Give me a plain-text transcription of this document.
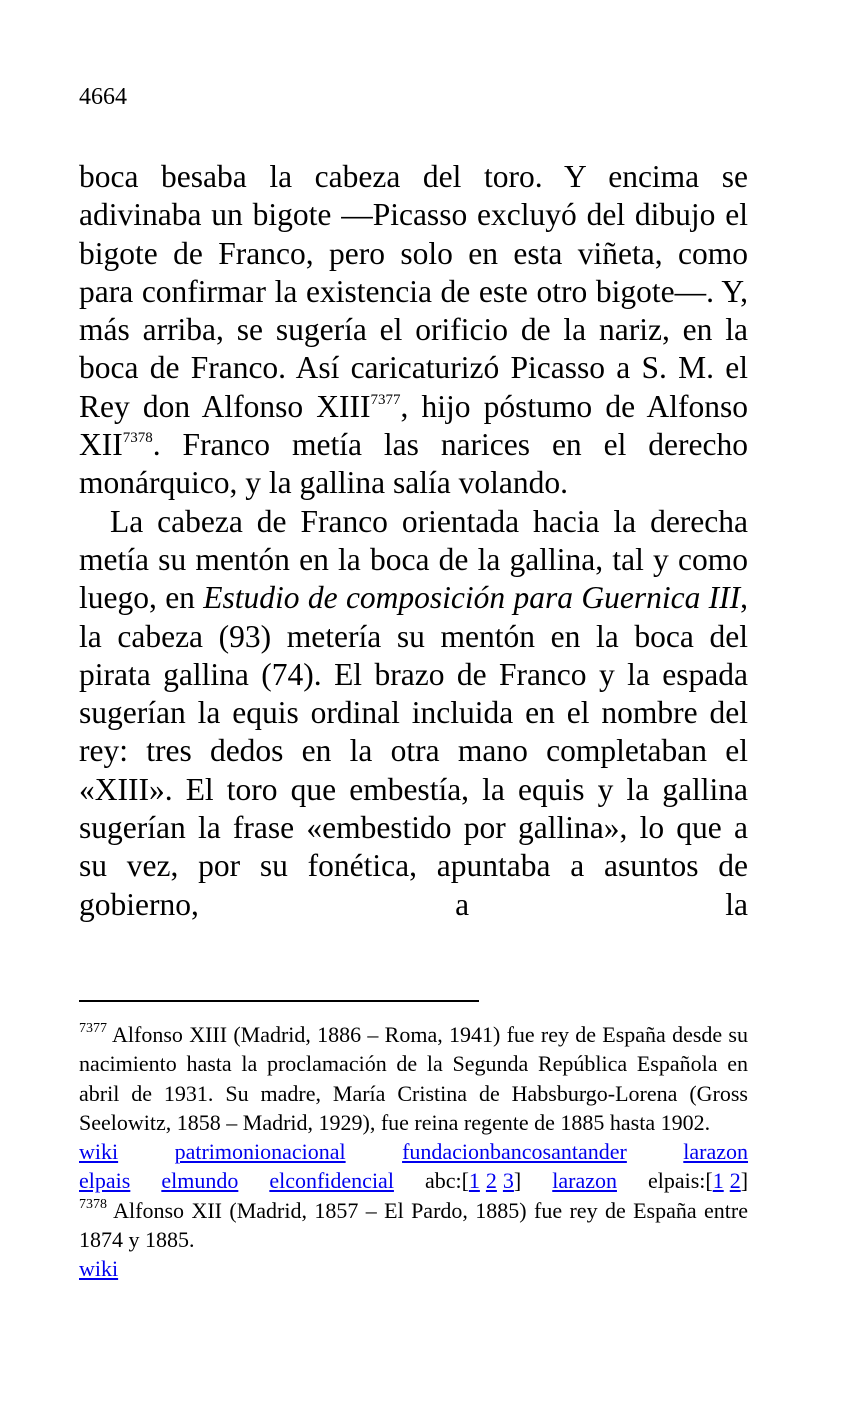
4664

boca besaba la cabeza del toro. Y encima se adivinaba un bigote ―Picasso excluyó del dibujo el bigote de Franco, pero solo en esta viñeta, como para confirmar la existencia de este otro bigote―. Y, más arriba, se sugería el orificio de la nariz, en la boca de Franco. Así caricaturizó Picasso a S. M. el Rey don Alfonso XIII$^{7377}$, hijo póstumo de Alfonso XII$^{7378}$. Franco metía las narices en el derecho monárquico, y la gallina salía volando.

La cabeza de Franco orientada hacia la derecha metía su mentón en la boca de la gallina, tal y como luego, en Estudio de composición para Guernica III, la cabeza (93) metería su mentón en la boca del pirata gallina (74). El brazo de Franco y la espada sugerían la equis ordinal incluida en el nombre del rey: tres dedos en la otra mano completaban el «XIII». El toro que embestía, la equis y la gallina sugerían la frase «embestido por gallina», lo que a su vez, por su fonética, apuntaba a asuntos de gobierno, a la

$^{7377}$ Alfonso XIII (Madrid, 1886 – Roma, 1941) fue rey de España desde su nacimiento hasta la proclamación de la Segunda República Española en abril de 1931. Su madre, María Cristina de Habsburgo-Lorena (Gross Seelowitz, 1858 – Madrid, 1929), fue reina regente de 1885 hasta 1902.

wiki	patrimonionacional	fundacionbancosantander	larazon

elpais elmundo elconfidencial abc:[1 2 3] larazon elpais:[1 2]

$^{7378}$ Alfonso XII (Madrid, 1857 – El Pardo, 1885) fue rey de España entre 1874 y 1885.

wiki
